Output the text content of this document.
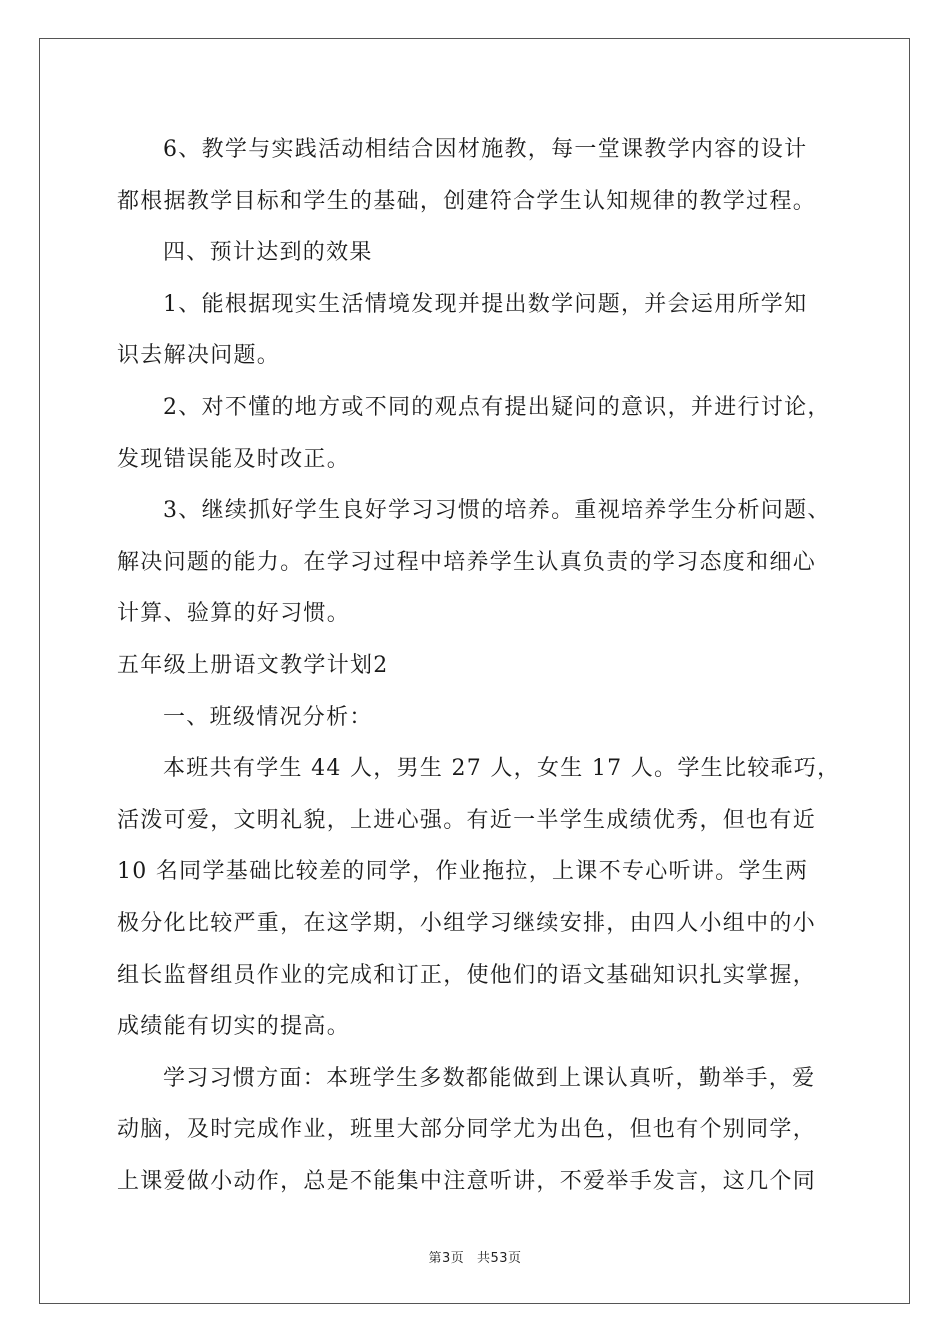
6、教学与实践活动相结合因材施教，每一堂课教学内容的设计
都根据教学目标和学生的基础，创建符合学生认知规律的教学过程。
四、预计达到的效果
1、能根据现实生活情境发现并提出数学问题，并会运用所学知
识去解决问题。
2、对不懂的地方或不同的观点有提出疑问的意识，并进行讨论，
发现错误能及时改正。
3、继续抓好学生良好学习习惯的培养。重视培养学生分析问题、
解决问题的能力。在学习过程中培养学生认真负责的学习态度和细心
计算、验算的好习惯。
五年级上册语文教学计划2
一、班级情况分析：
本班共有学生 44 人，男生 27 人，女生 17 人。学生比较乖巧，
活泼可爱，文明礼貌，上进心强。有近一半学生成绩优秀，但也有近
10 名同学基础比较差的同学，作业拖拉，上课不专心听讲。学生两
极分化比较严重，在这学期，小组学习继续安排，由四人小组中的小
组长监督组员作业的完成和订正，使他们的语文基础知识扎实掌握，
成绩能有切实的提高。
学习习惯方面：本班学生多数都能做到上课认真听，勤举手，爱
动脑，及时完成作业，班里大部分同学尤为出色，但也有个别同学，
上课爱做小动作，总是不能集中注意听讲，不爱举手发言，这几个同
第3页 共53页
